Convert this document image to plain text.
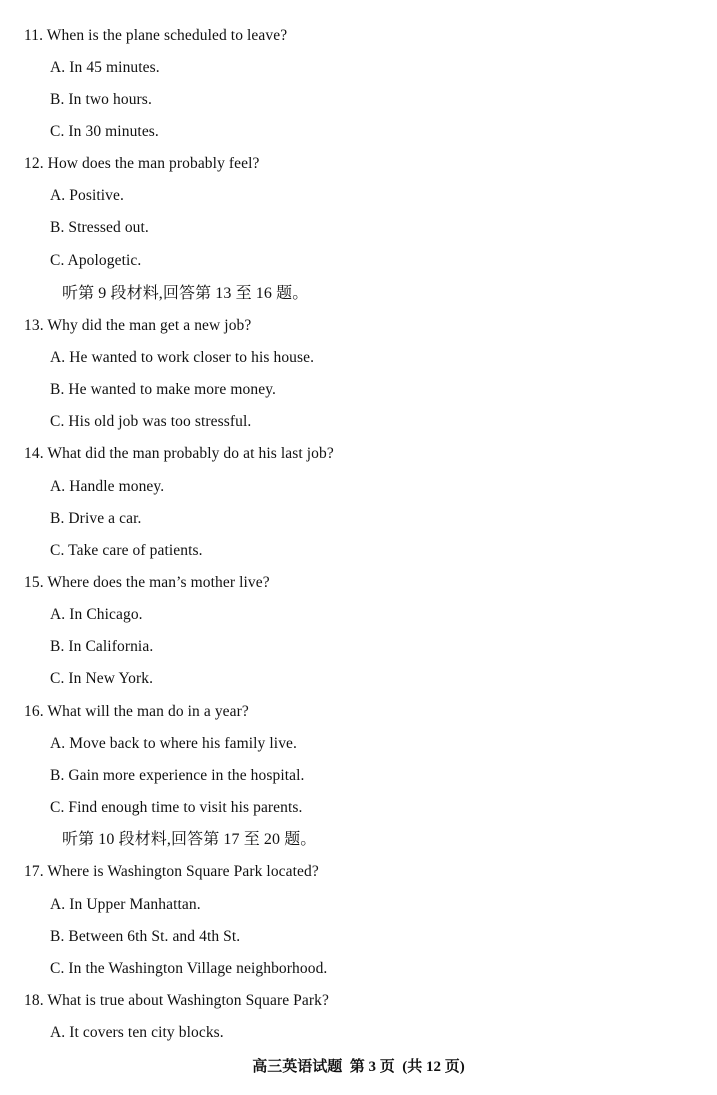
11. When is the plane scheduled to leave?
A. In 45 minutes.
B. In two hours.
C. In 30 minutes.
12. How does the man probably feel?
A. Positive.
B. Stressed out.
C. Apologetic.
听第 9 段材料,回答第 13 至 16 题。
13. Why did the man get a new job?
A. He wanted to work closer to his house.
B. He wanted to make more money.
C. His old job was too stressful.
14. What did the man probably do at his last job?
A. Handle money.
B. Drive a car.
C. Take care of patients.
15. Where does the man’s mother live?
A. In Chicago.
B. In California.
C. In New York.
16. What will the man do in a year?
A. Move back to where his family live.
B. Gain more experience in the hospital.
C. Find enough time to visit his parents.
听第 10 段材料,回答第 17 至 20 题。
17. Where is Washington Square Park located?
A. In Upper Manhattan.
B. Between 6th St. and 4th St.
C. In the Washington Village neighborhood.
18. What is true about Washington Square Park?
A. It covers ten city blocks.
高三英语试题  第 3 页  (共 12 页)
